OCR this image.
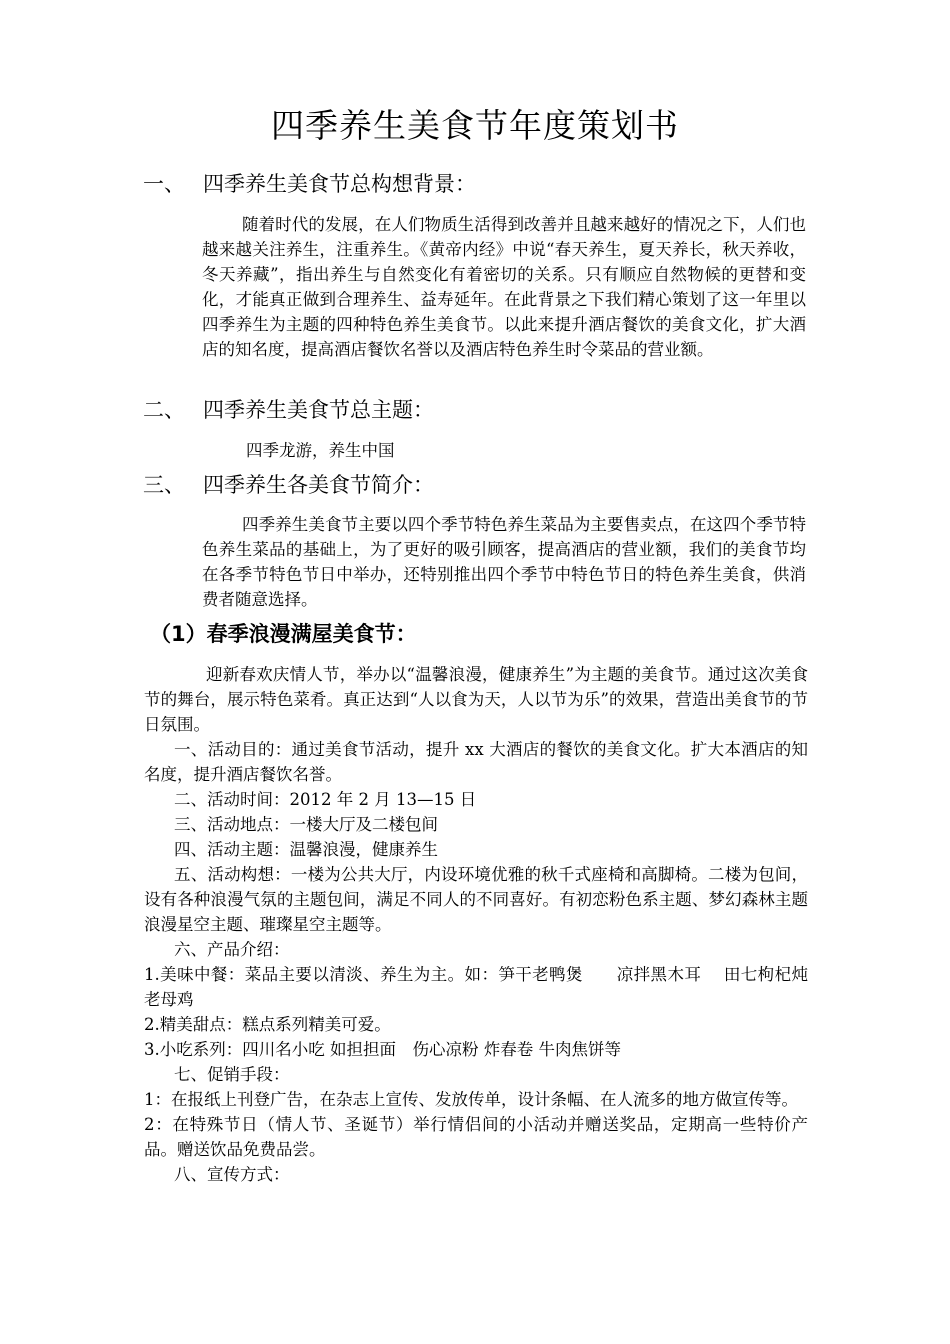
四季养生美食节年度策划书
一、 四季养生美食节总构想背景：

随着时代的发展，在人们物质生活得到改善并且越来越好的情况之下，人们也越来越关注养生，注重养生。《黄帝内经》中说“春天养生，夏天养长，秋天养收，冬天养藏”，指出养生与自然变化有着密切的关系。只有顺应自然物候的更替和变化，才能真正做到合理养生、益寿延年。在此背景之下我们精心策划了这一年里以四季养生为主题的四种特色养生美食节。以此来提升酒店餐饮的美食文化，扩大酒店的知名度，提高酒店餐饮名誉以及酒店特色养生时令菜品的营业额。

二、 四季养生美食节总主题：

四季龙游，养生中国

三、 四季养生各美食节简介：

四季养生美食节主要以四个季节特色养生菜品为主要售卖点，在这四个季节特色养生菜品的基础上，为了更好的吸引顾客，提高酒店的营业额，我们的美食节均在各季节特色节日中举办，还特别推出四个季节中特色节日的特色养生美食，供消费者随意选择。

（1）春季浪漫满屋美食节：

迎新春欢庆情人节，举办以“温馨浪漫，健康养生”为主题的美食节。通过这次美食节的舞台，展示特色菜肴。真正达到“人以食为天，人以节为乐”的效果，营造出美食节的节日氛围。

一、活动目的：通过美食节活动，提升 xx 大酒店的餐饮的美食文化。扩大本酒店的知名度，提升酒店餐饮名誉。

二、活动时间：2012 年 2 月 13—15 日

三、活动地点：一楼大厅及二楼包间

四、活动主题：温馨浪漫，健康养生

五、活动构想：一楼为公共大厅，内设环境优雅的秋千式座椅和高脚椅。二楼为包间，设有各种浪漫气氛的主题包间，满足不同人的不同喜好。有初恋粉色系主题、梦幻森林主题浪漫星空主题、璀璨星空主题等。

六、产品介绍：

1.美味中餐：菜品主要以清淡、养生为主。如：笋干老鸭煲　　凉拌黑木耳　 田七枸杞炖老母鸡

2.精美甜点：糕点系列精美可爱。

3.小吃系列：四川名小吃 如担担面　伤心凉粉 炸春卷 牛肉焦饼等

七、促销手段：

1：在报纸上刊登广告，在杂志上宣传、发放传单，设计条幅、在人流多的地方做宣传等。

2：在特殊节日（情人节、圣诞节）举行情侣间的小活动并赠送奖品，定期高一些特价产品。赠送饮品免费品尝。

八、宣传方式：
